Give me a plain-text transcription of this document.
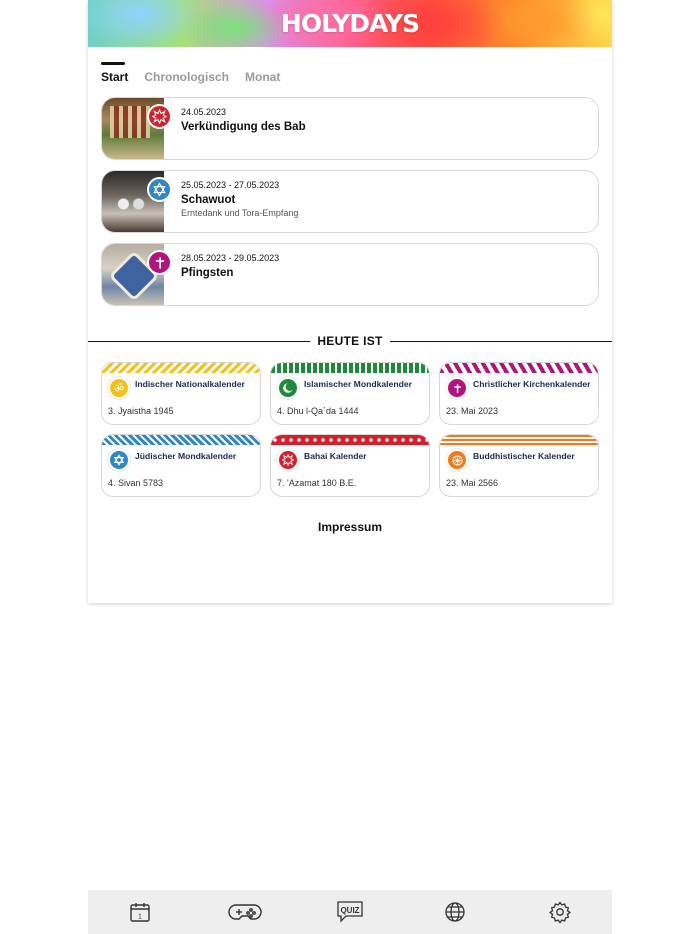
HOLYDAYS
Start Chronologisch Monat
24.05.2023
Verkündigung des Bab
25.05.2023 - 27.05.2023
Schawuot
Erntedank und Tora-Empfang
28.05.2023 - 29.05.2023
Pfingsten
HEUTE IST
ॐ	Indischer Nationalkalender
3. Jyaistha 1945
Islamischer Mondkalender
4. Dhu l-Qa`da 1444
Christlicher Kirchenkalender
23. Mai 2023
Jüdischer Mondkalender
4. Sivan 5783
Bahai Kalender
7. 'Azamat 180 B.E.
Buddhistischer Kalender
23. Mai 2566
Impressum
1
QUIZ
